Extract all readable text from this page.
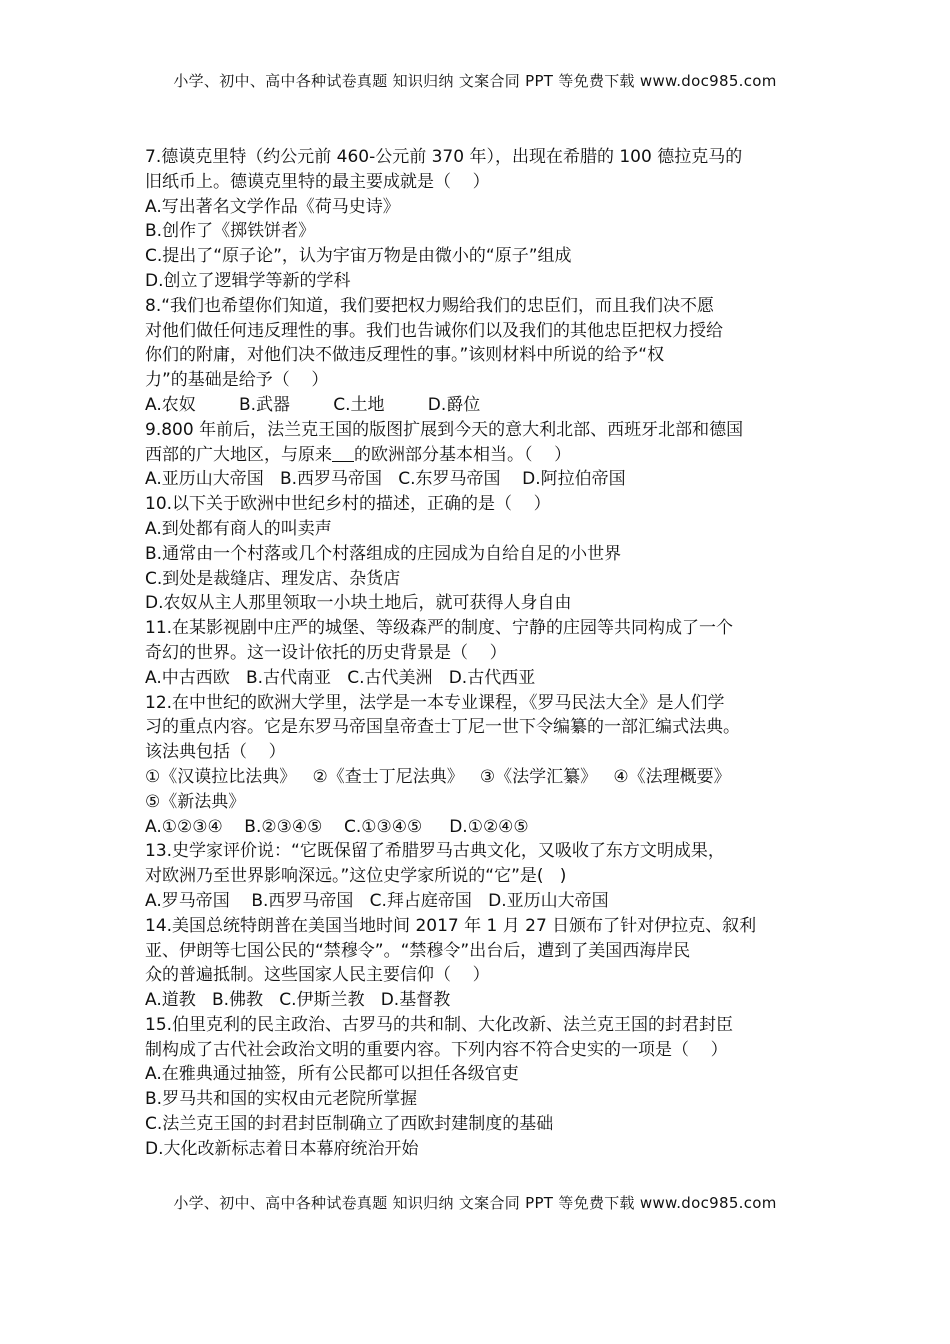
小学、初中、高中各种试卷真题 知识归纳 文案合同 PPT 等免费下载 www.doc985.com
7.德谟克里特（约公元前 460-公元前 370 年），出现在希腊的 100 德拉克马的
旧纸币上。德谟克里特的最主要成就是（    ）
A.写出著名文学作品《荷马史诗》
B.创作了《掷铁饼者》
C.提出了“原子论”，认为宇宙万物是由微小的“原子”组成
D.创立了逻辑学等新的学科
8.“我们也希望你们知道，我们要把权力赐给我们的忠臣们，而且我们决不愿
对他们做任何违反理性的事。我们也告诫你们以及我们的其他忠臣把权力授给
你们的附庸，对他们决不做违反理性的事。”该则材料中所说的给予“权
力”的基础是给予（    ）
A.农奴        B.武器        C.土地        D.爵位
9.800 年前后，法兰克王国的版图扩展到今天的意大利北部、西班牙北部和德国
西部的广大地区，与原来 的欧洲部分基本相当。（    ）
A.亚历山大帝国   B.西罗马帝国   C.东罗马帝国    D.阿拉伯帝国
10.以下关于欧洲中世纪乡村的描述，正确的是（    ）
A.到处都有商人的叫卖声
B.通常由一个村落或几个村落组成的庄园成为自给自足的小世界
C.到处是裁缝店、理发店、杂货店
D.农奴从主人那里领取一小块土地后，就可获得人身自由
11.在某影视剧中庄严的城堡、等级森严的制度、宁静的庄园等共同构成了一个
奇幻的世界。这一设计依托的历史背景是（    ）
A.中古西欧   B.古代南亚   C.古代美洲   D.古代西亚
12.在中世纪的欧洲大学里，法学是一本专业课程，《罗马民法大全》是人们学
习的重点内容。它是东罗马帝国皇帝查士丁尼一世下令编纂的一部汇编式法典。
该法典包括（    ）
①《汉谟拉比法典》   ②《查士丁尼法典》   ③《法学汇纂》   ④《法理概要》
⑤《新法典》
A.①②③④    B.②③④⑤    C.①③④⑤     D.①②④⑤
13.史学家评价说：“它既保留了希腊罗马古典文化，又吸收了东方文明成果，
对欧洲乃至世界影响深远。”这位史学家所说的“它”是(   )
A.罗马帝国    B.西罗马帝国   C.拜占庭帝国   D.亚历山大帝国
14.美国总统特朗普在美国当地时间 2017 年 1 月 27 日颁布了针对伊拉克、叙利
亚、伊朗等七国公民的“禁穆令”。“禁穆令”出台后，遭到了美国西海岸民
众的普遍抵制。这些国家人民主要信仰（    ）
A.道教   B.佛教   C.伊斯兰教   D.基督教
15.伯里克利的民主政治、古罗马的共和制、大化改新、法兰克王国的封君封臣
制构成了古代社会政治文明的重要内容。下列内容不符合史实的一项是（    ）
A.在雅典通过抽签，所有公民都可以担任各级官吏
B.罗马共和国的实权由元老院所掌握
C.法兰克王国的封君封臣制确立了西欧封建制度的基础
D.大化改新标志着日本幕府统治开始
小学、初中、高中各种试卷真题 知识归纳 文案合同 PPT 等免费下载 www.doc985.com
